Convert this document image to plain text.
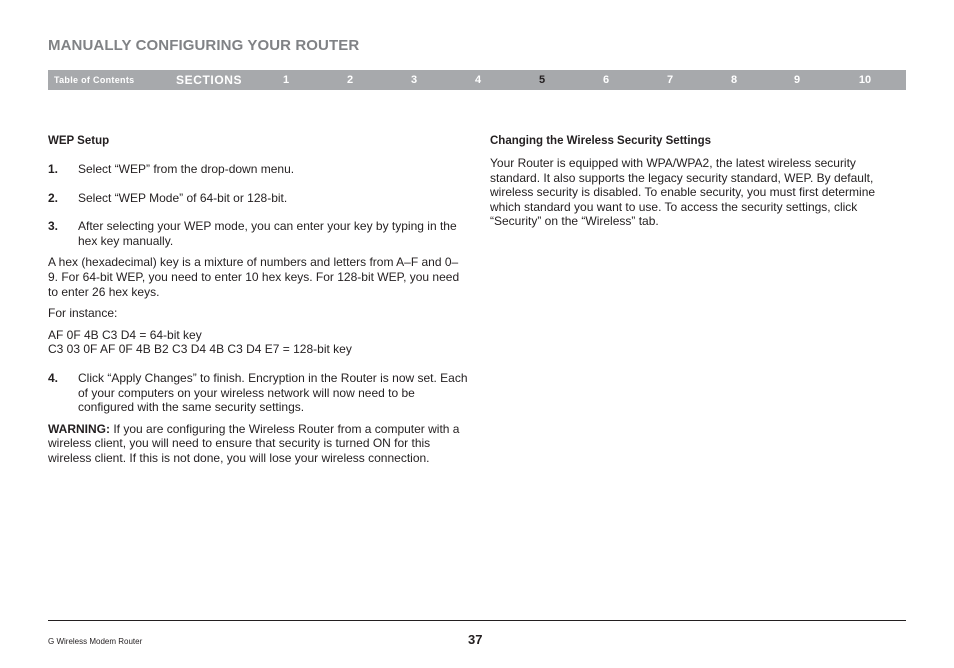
MANUALLY CONFIGURING YOUR ROUTER
Table of Contents	SECTIONS	1	2	3	4	5	6	7	8	9	10
WEP Setup
1. Select “WEP” from the drop-down menu.
2. Select “WEP Mode” of 64-bit or 128-bit.
3. After selecting your WEP mode, you can enter your key by typing in the hex key manually.

A hex (hexadecimal) key is a mixture of numbers and letters from A–F and 0–9. For 64-bit WEP, you need to enter 10 hex keys. For 128-bit WEP, you need to enter 26 hex keys.

For instance:

AF 0F 4B C3 D4 = 64-bit key

C3 03 0F AF 0F 4B B2 C3 D4 4B C3 D4 E7 = 128-bit key

4. Click “Apply Changes” to finish. Encryption in the Router is now set. Each of your computers on your wireless network will now need to be configured with the same security settings.

WARNING: If you are configuring the Wireless Router from a computer with a wireless client, you will need to ensure that security is turned ON for this wireless client. If this is not done, you will lose your wireless connection.

Changing the Wireless Security Settings

Your Router is equipped with WPA/WPA2, the latest wireless security standard. It also supports the legacy security standard, WEP. By default, wireless security is disabled. To enable security, you must first determine which standard you want to use. To access the security settings, click “Security” on the “Wireless” tab.

G Wireless Modem Router	37
